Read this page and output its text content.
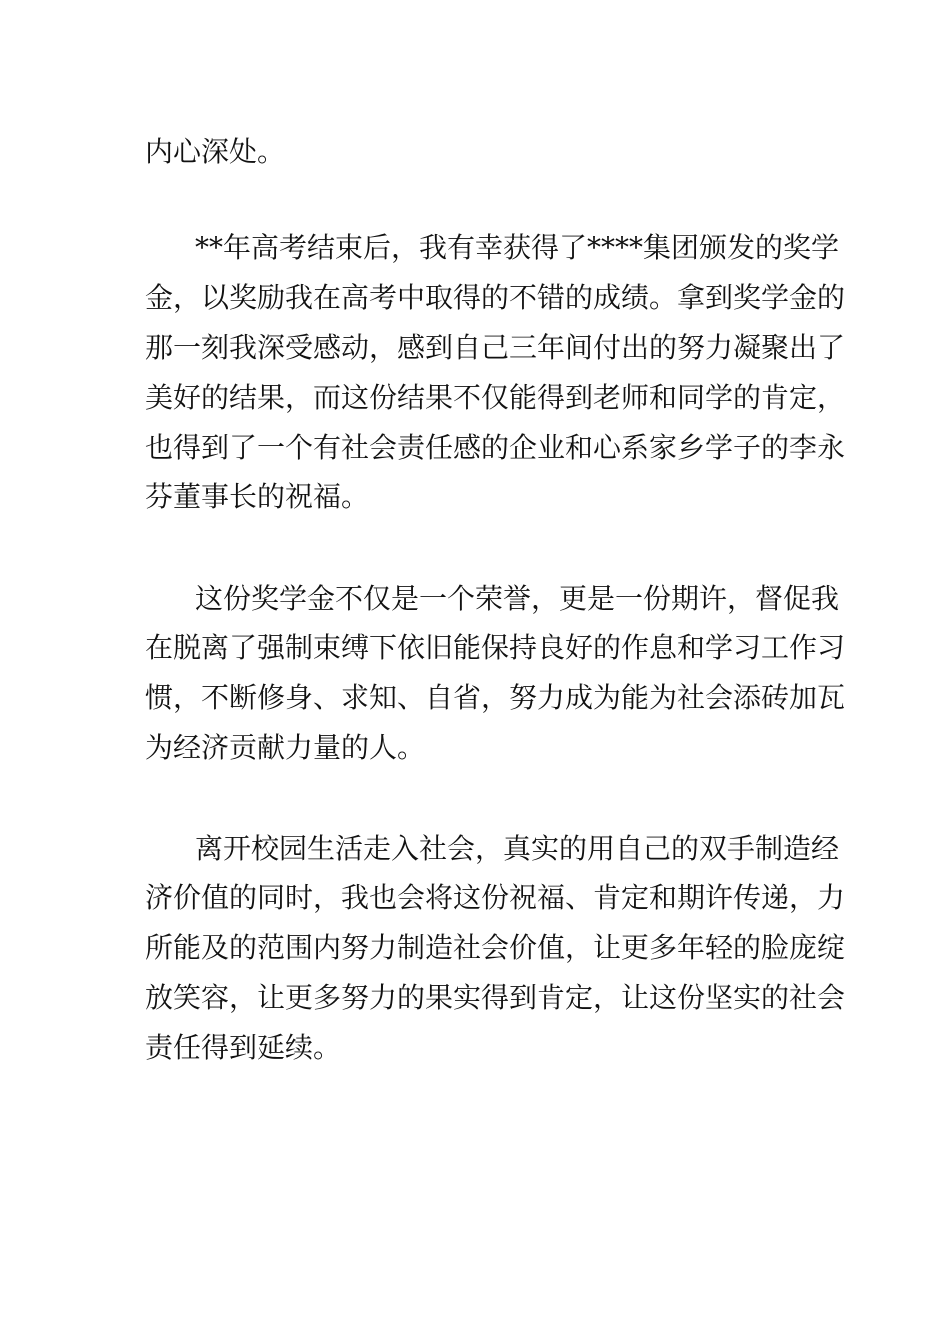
内心深处。
**年高考结束后，我有幸获得了****集团颁发的奖学
金，以奖励我在高考中取得的不错的成绩。拿到奖学金的
那一刻我深受感动，感到自己三年间付出的努力凝聚出了
美好的结果，而这份结果不仅能得到老师和同学的肯定，
也得到了一个有社会责任感的企业和心系家乡学子的李永
芬董事长的祝福。
这份奖学金不仅是一个荣誉，更是一份期许，督促我
在脱离了强制束缚下依旧能保持良好的作息和学习工作习
惯，不断修身、求知、自省，努力成为能为社会添砖加瓦
为经济贡献力量的人。
离开校园生活走入社会，真实的用自己的双手制造经
济价值的同时，我也会将这份祝福、肯定和期许传递，力
所能及的范围内努力制造社会价值，让更多年轻的脸庞绽
放笑容，让更多努力的果实得到肯定，让这份坚实的社会
责任得到延续。
